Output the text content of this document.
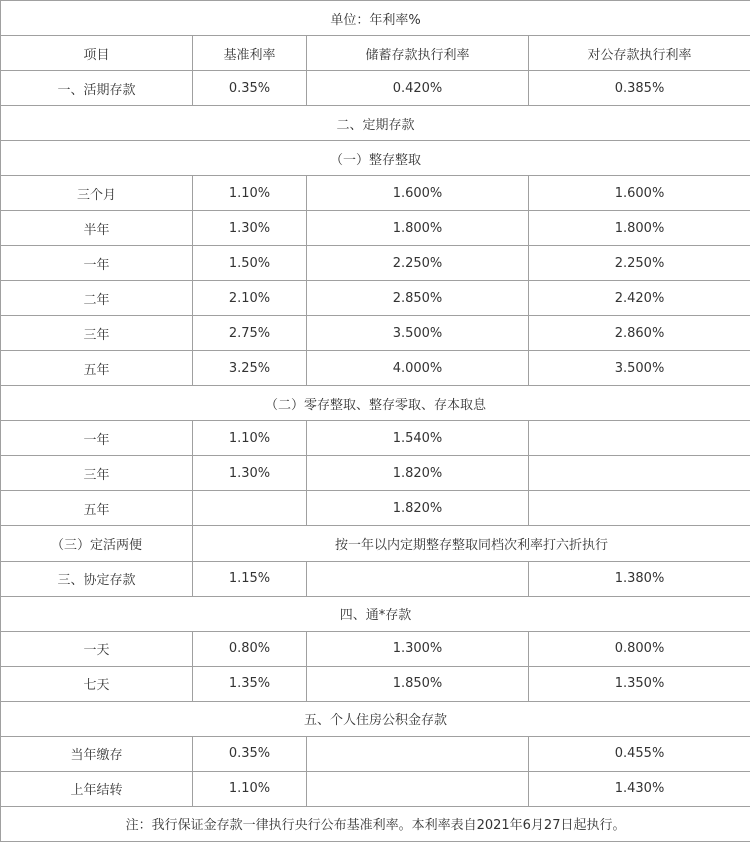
单位：年利率%			
项目	基准利率	储蓄存款执行利率	对公存款执行利率
一、活期存款	0.35%	0.420%	0.385%
二、定期存款			
（一）整存整取			
三个月	1.10%	1.600%	1.600%
半年	1.30%	1.800%	1.800%
一年	1.50%	2.250%	2.250%
二年	2.10%	2.850%	2.420%
三年	2.75%	3.500%	2.860%
五年	3.25%	4.000%	3.500%
（二）零存整取、整存零取、存本取息			
一年	1.10%	1.540%	
三年	1.30%	1.820%	
五年		1.820%	
（三）定活两便	按一年以内定期整存整取同档次利率打六折执行		
三、协定存款	1.15%		1.380%
四、通*存款			
一天	0.80%	1.300%	0.800%
七天	1.35%	1.850%	1.350%
五、个人住房公积金存款			
当年缴存	0.35%		0.455%
上年结转	1.10%		1.430%
注：我行保证金存款一律执行央行公布基准利率。本利率表自2021年6月27日起执行。			
